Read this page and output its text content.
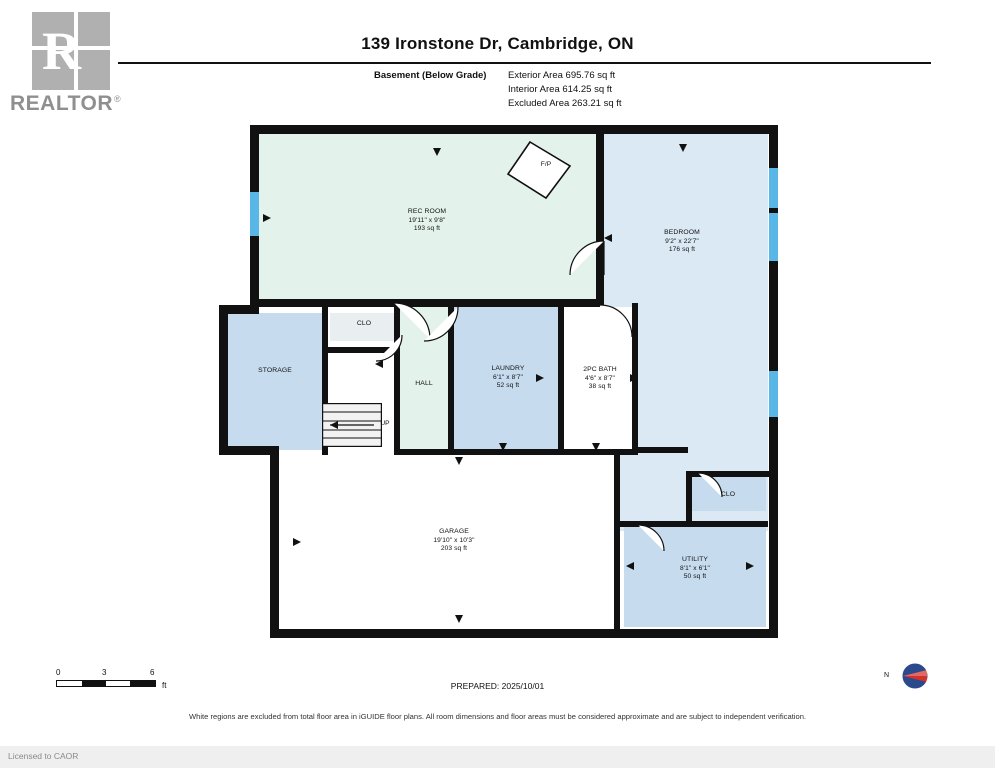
R
REALTOR ®
139 Ironstone Dr, Cambridge, ON
Basement (Below Grade) Exterior Area 695.76 sq ft
Interior Area 614.25 sq ft
Excluded Area 263.21 sq ft
F/P
UP
REC ROOM
19'11" x 9'8"
193 sq ft
BEDROOM
9'2" x 22'7"
176 sq ft
CLO
STORAGE
HALL
LAUNDRY
6'1" x 8'7"
52 sq ft
2PC BATH
4'6" x 8'7"
38 sq ft
GARAGE
19'10" x 10'3"
203 sq ft
CLO
UTILITY
8'1" x 6'1"
50 sq ft
0	3	6
ft	PREPARED: 2025/10/01
N
White regions are excluded from total floor area in iGUIDE floor plans. All room dimensions and floor areas must be considered approximate and are subject to independent verification.
Licensed to CAOR
